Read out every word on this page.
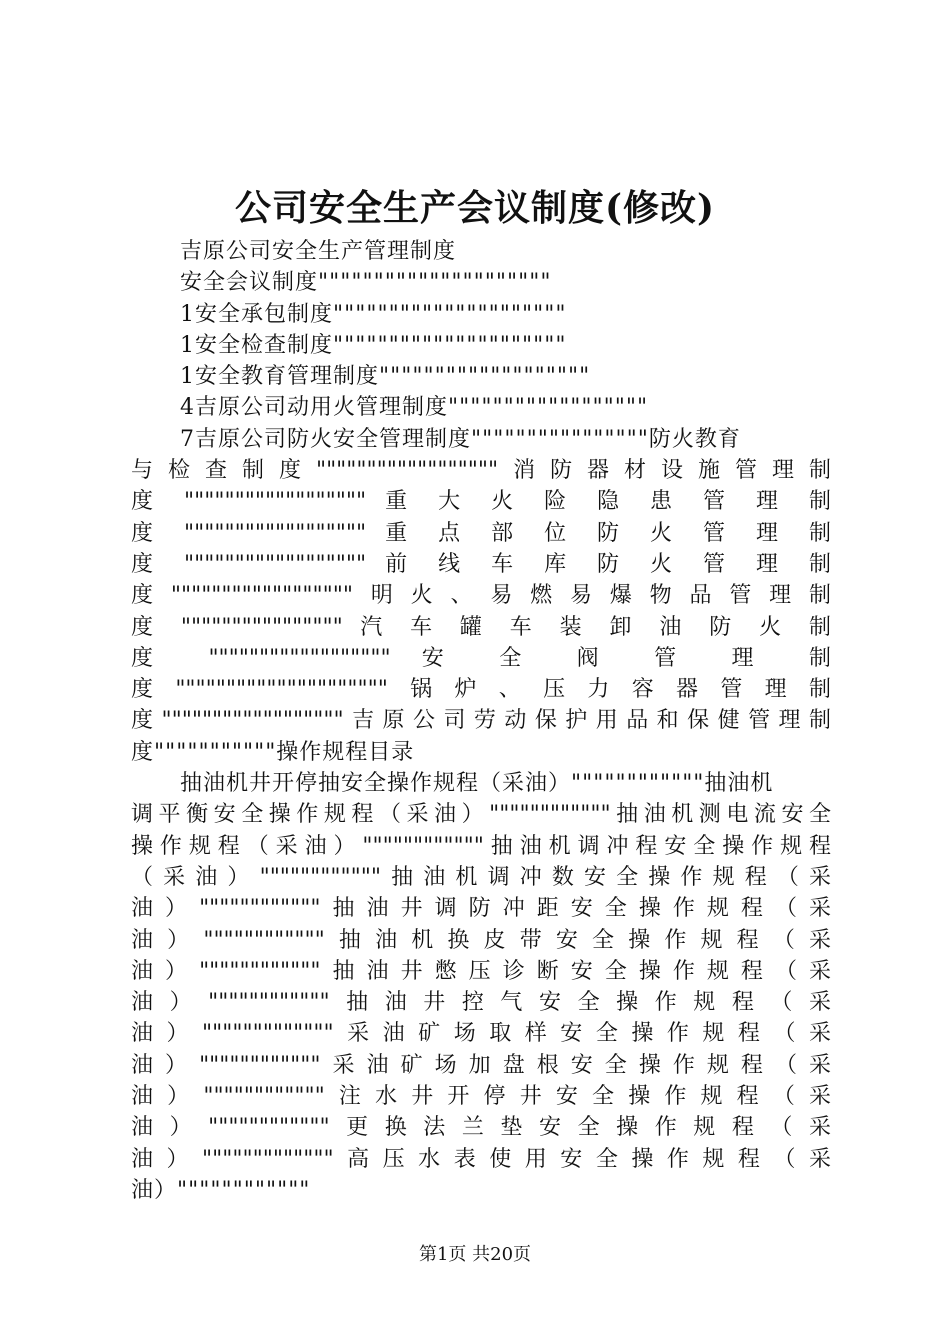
公司安全生产会议制度(修改)
吉原公司安全生产管理制度
安全会议制度"""""""""""""""""""""
1安全承包制度"""""""""""""""""""""
1安全检查制度"""""""""""""""""""""
1安全教育管理制度"""""""""""""""""""
4吉原公司动用火管理制度""""""""""""""""""
7吉原公司防火安全管理制度""""""""""""""""防火教育
与检查制度""""""""""""""""""消防器材设施管理制
度 """""""""""""""""" 重 大 火 险 隐 患 管 理 制
度 """""""""""""""""" 重 点 部 位 防 火 管 理 制
度 """""""""""""""""" 前 线 车 库 防 火 管 理 制
度""""""""""""""""""明火、易燃易爆物品管理制
度 """""""""""""""" 汽 车 罐 车 装 卸 油 防 火 制
度 """""""""""""""""" 安 全 阀 管 理 制
度"""""""""""""""""""""锅炉、压力容器管理制
度""""""""""""""""""吉原公司劳动保护用品和保健管理制
度"""""""""""操作规程目录
抽油机井开停抽安全操作规程（采油）""""""""""""抽油机
调平衡安全操作规程（采油）""""""""""""抽油机测电流安全
操作规程（采油）""""""""""""抽油机调冲程安全操作规程
（采油）""""""""""""抽油机调冲数安全操作规程（采
油）""""""""""""抽油井调防冲距安全操作规程（采
油）""""""""""""抽油机换皮带安全操作规程（采
油）""""""""""""抽油井憋压诊断安全操作规程（采
油）""""""""""""抽油井控气安全操作规程（采
油）"""""""""""""采油矿场取样安全操作规程（采
油）""""""""""""采油矿场加盘根安全操作规程（采
油）""""""""""""注水井开停井安全操作规程（采
油）""""""""""""更换法兰垫安全操作规程（采
油）"""""""""""""高压水表使用安全操作规程（采
油）""""""""""""
第1页 共20页
